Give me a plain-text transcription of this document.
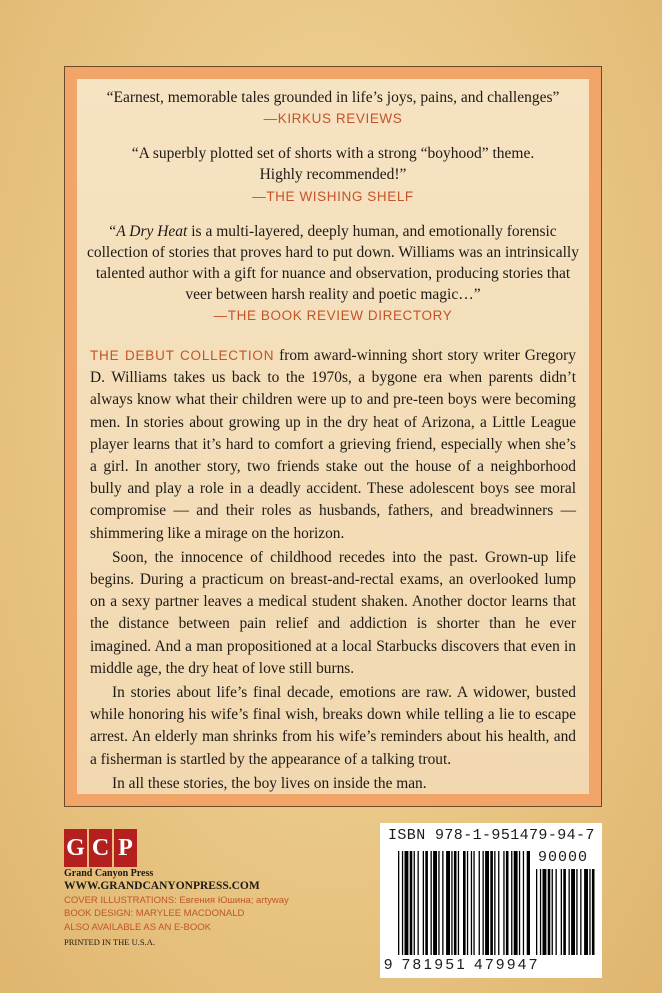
“Earnest, memorable tales grounded in life’s joys, pains, and challenges”
—KIRKUS REVIEWS
“A superbly plotted set of shorts with a strong “boyhood” theme. Highly recommended!”
—THE WISHING SHELF
“A Dry Heat is a multi-layered, deeply human, and emotionally forensic collection of stories that proves hard to put down. Williams was an intrinsically talented author with a gift for nuance and observation, producing stories that veer between harsh reality and poetic magic…”
—THE BOOK REVIEW DIRECTORY

THE DEBUT COLLECTION from award-winning short story writer Gregory D. Williams takes us back to the 1970s, a bygone era when parents didn’t always know what their children were up to and pre-teen boys were becoming men. In stories about growing up in the dry heat of Arizona, a Little League player learns that it’s hard to comfort a grieving friend, especially when she’s a girl. In another story, two friends stake out the house of a neighborhood bully and play a role in a deadly accident. These adolescent boys see moral compromise — and their roles as husbands, fathers, and breadwinners — shimmering like a mirage on the horizon.

Soon, the innocence of childhood recedes into the past. Grown-up life begins. During a practicum on breast-and-rectal exams, an overlooked lump on a sexy partner leaves a medical student shaken. Another doctor learns that the distance between pain relief and addiction is shorter than he ever imagined. And a man propositioned at a local Starbucks discovers that even in middle age, the dry heat of love still burns.

In stories about life’s final decade, emotions are raw. A widower, busted while honoring his wife’s final wish, breaks down while telling a lie to escape arrest. An elderly man shrinks from his wife’s reminders about his health, and a fisherman is startled by the appearance of a talking trout.

In all these stories, the boy lives on inside the man.

G C P
Grand Canyon Press
WWW.GRANDCANYONPRESS.COM
COVER ILLUSTRATIONS: Евгения Юшина; artyway
BOOK DESIGN: MARYLEE MACDONALD
ALSO AVAILABLE AS AN E-BOOK
PRINTED IN THE U.S.A.
ISBN 978-1-951479-94-7
90000
9 781951 479947
